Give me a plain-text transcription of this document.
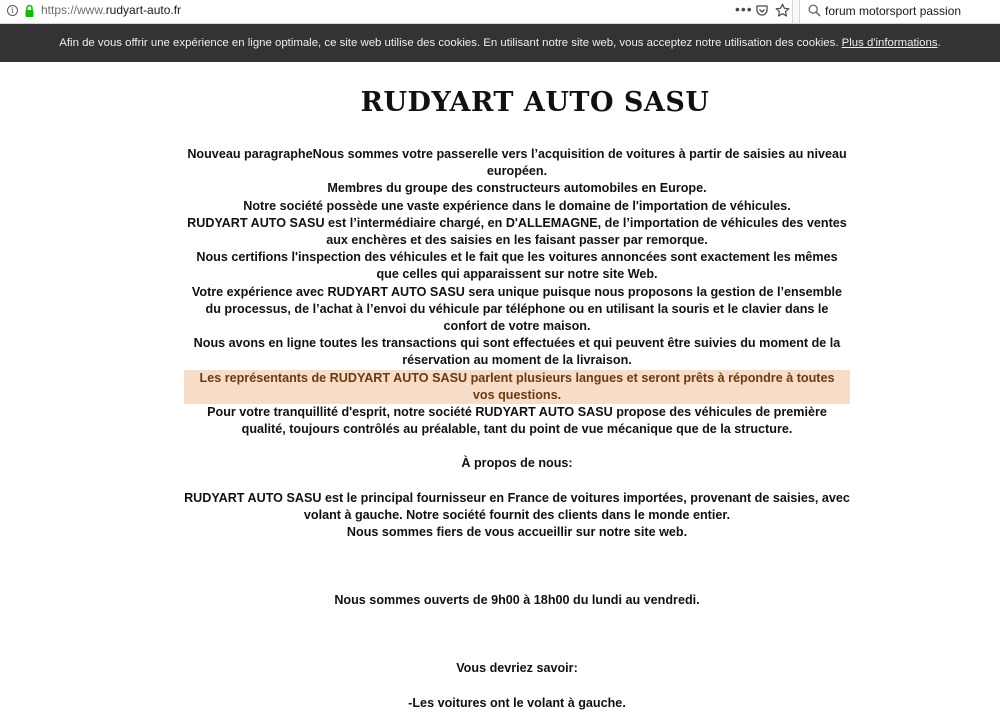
i	https://www.rudyart-auto.fr	•••	forum motorsport passion
Afin de vous offrir une expérience en ligne optimale, ce site web utilise des cookies. En utilisant notre site web, vous acceptez notre utilisation des cookies. Plus d'informations.
RUDYART AUTO SASU

Nouveau paragrapheNous sommes votre passerelle vers l’acquisition de voitures à partir de saisies au niveau européen.

Membres du groupe des constructeurs automobiles en Europe.

Notre société possède une vaste expérience dans le domaine de l'importation de véhicules.

RUDYART AUTO SASU est l’intermédiaire chargé, en D'ALLEMAGNE, de l’importation de véhicules des ventes aux enchères et des saisies en les faisant passer par remorque.

Nous certifions l'inspection des véhicules et le fait que les voitures annoncées sont exactement les mêmes que celles qui apparaissent sur notre site Web.

Votre expérience avec RUDYART AUTO SASU sera unique puisque nous proposons la gestion de l’ensemble du processus, de l’achat à l’envoi du véhicule par téléphone ou en utilisant la souris et le clavier dans le confort de votre maison.

Nous avons en ligne toutes les transactions qui sont effectuées et qui peuvent être suivies du moment de la réservation au moment de la livraison.

Les représentants de RUDYART AUTO SASU parlent plusieurs langues et seront prêts à répondre à toutes vos questions.

Pour votre tranquillité d'esprit, notre société RUDYART AUTO SASU propose des véhicules de première qualité, toujours contrôlés au préalable, tant du point de vue mécanique que de la structure.

À propos de nous:

RUDYART AUTO SASU est le principal fournisseur en France de voitures importées, provenant de saisies, avec volant à gauche. Notre société fournit des clients dans le monde entier.

Nous sommes fiers de vous accueillir sur notre site web.

Nous sommes ouverts de 9h00 à 18h00 du lundi au vendredi.

Vous devriez savoir:

-Les voitures ont le volant à gauche.
